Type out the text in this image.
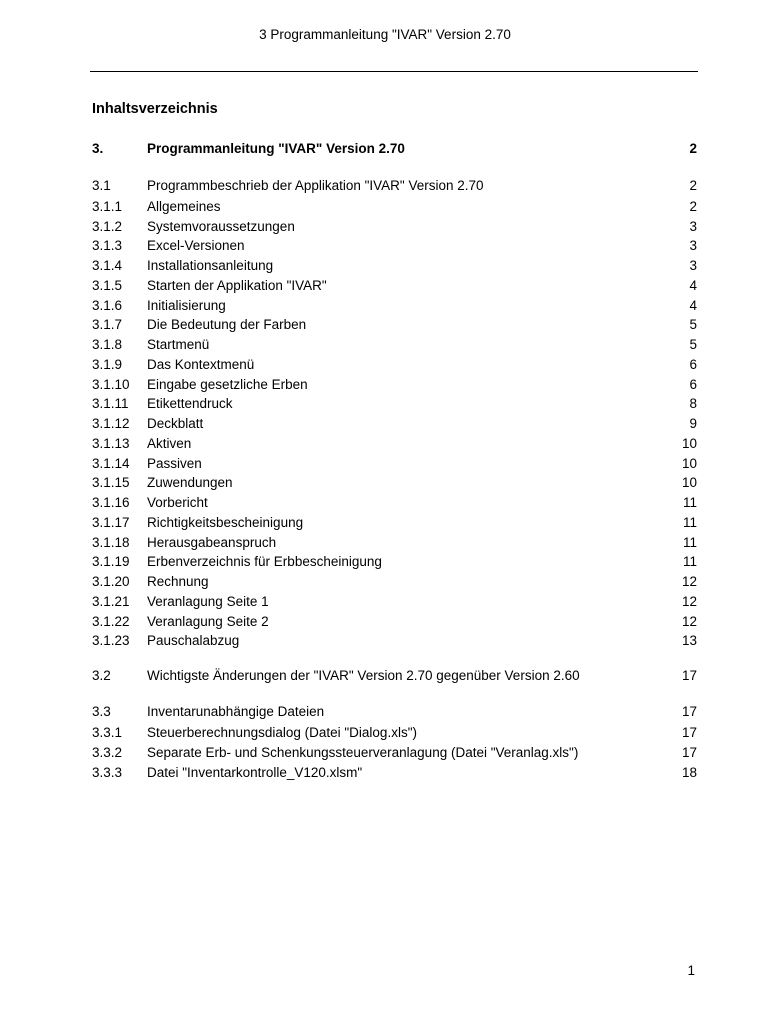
3 Programmanleitung "IVAR" Version 2.70
Inhaltsverzeichnis
3.	Programmanleitung "IVAR" Version 2.70	2
3.1	Programmbeschrieb der Applikation "IVAR" Version 2.70	2
3.1.1	Allgemeines	2
3.1.2	Systemvoraussetzungen	3
3.1.3	Excel-Versionen	3
3.1.4	Installationsanleitung	3
3.1.5	Starten der Applikation "IVAR"	4
3.1.6	Initialisierung	4
3.1.7	Die Bedeutung der Farben	5
3.1.8	Startmenü	5
3.1.9	Das Kontextmenü	6
3.1.10	Eingabe gesetzliche Erben	6
3.1.11	Etikettendruck	8
3.1.12	Deckblatt	9
3.1.13	Aktiven	10
3.1.14	Passiven	10
3.1.15	Zuwendungen	10
3.1.16	Vorbericht	11
3.1.17	Richtigkeitsbescheinigung	11
3.1.18	Herausgabeanspruch	11
3.1.19	Erbenverzeichnis für Erbbescheinigung	11
3.1.20	Rechnung	12
3.1.21	Veranlagung Seite 1	12
3.1.22	Veranlagung Seite 2	12
3.1.23	Pauschalabzug	13
3.2	Wichtigste Änderungen der "IVAR" Version 2.70 gegenüber Version 2.60	17
3.3	Inventarunabhängige Dateien	17
3.3.1	Steuerberechnungsdialog (Datei "Dialog.xls")	17
3.3.2	Separate Erb- und Schenkungssteuerveranlagung (Datei "Veranlag.xls")	17
3.3.3	Datei "Inventarkontrolle_V120.xlsm"	18
1
